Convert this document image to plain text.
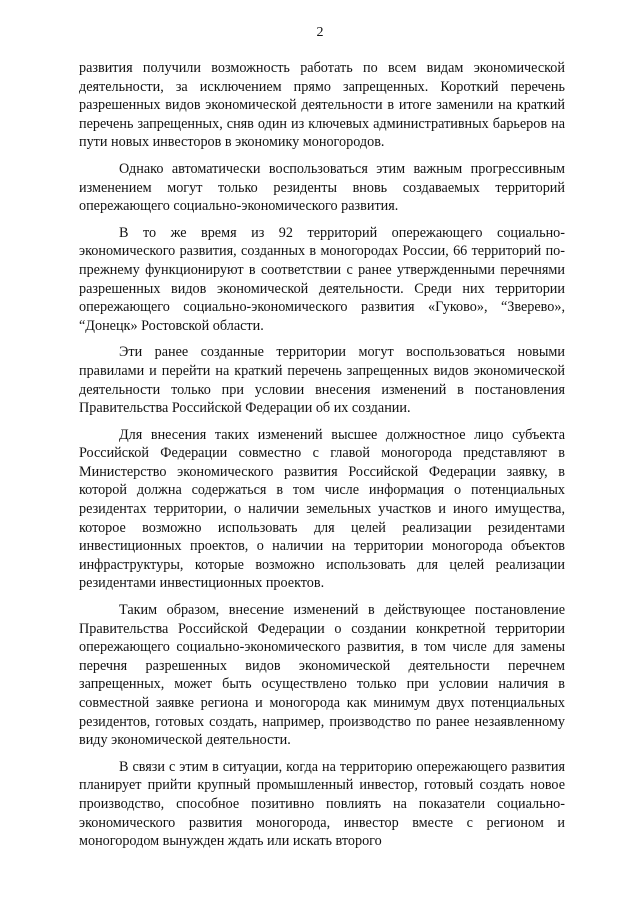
2

развития получили возможность работать по всем видам экономической деятельности, за исключением прямо запрещенных. Короткий перечень разрешенных видов экономической деятельности в итоге заменили на краткий перечень запрещенных, сняв один из ключевых административных барьеров на пути новых инвесторов в экономику моногородов.

Однако автоматически воспользоваться этим важным прогрессивным изменением могут только резиденты вновь создаваемых территорий опережающего социально-экономического развития.

В то же время из 92 территорий опережающего социально-экономического развития, созданных в моногородах России, 66 территорий по-прежнему функционируют в соответствии с ранее утвержденными перечнями разрешенных видов экономической деятельности. Среди них территории опережающего социально-экономического развития «Гуково», “Зверево», “Донецк» Ростовской области.

Эти ранее созданные территории могут воспользоваться новыми правилами и перейти на краткий перечень запрещенных видов экономической деятельности только при условии внесения изменений в постановления Правительства Российской Федерации об их создании.

Для внесения таких изменений высшее должностное лицо субъекта Российской Федерации совместно с главой моногорода представляют в Министерство экономического развития Российской Федерации заявку, в которой должна содержаться в том числе информация о потенциальных резидентах территории, о наличии земельных участков и иного имущества, которое возможно использовать для целей реализации резидентами инвестиционных проектов, о наличии на территории моногорода объектов инфраструктуры, которые возможно использовать для целей реализации резидентами инвестиционных проектов.

Таким образом, внесение изменений в действующее постановление Правительства Российской Федерации о создании конкретной территории опережающего социально-экономического развития, в том числе для замены перечня разрешенных видов экономической деятельности перечнем запрещенных, может быть осуществлено только при условии наличия в совместной заявке региона и моногорода как минимум двух потенциальных резидентов, готовых создать, например, производство по ранее незаявленному виду экономической деятельности.

В связи с этим в ситуации, когда на территорию опережающего развития планирует прийти крупный промышленный инвестор, готовый создать новое производство, способное позитивно повлиять на показатели социально-экономического развития моногорода, инвестор вместе с регионом и моногородом вынужден ждать или искать второго
